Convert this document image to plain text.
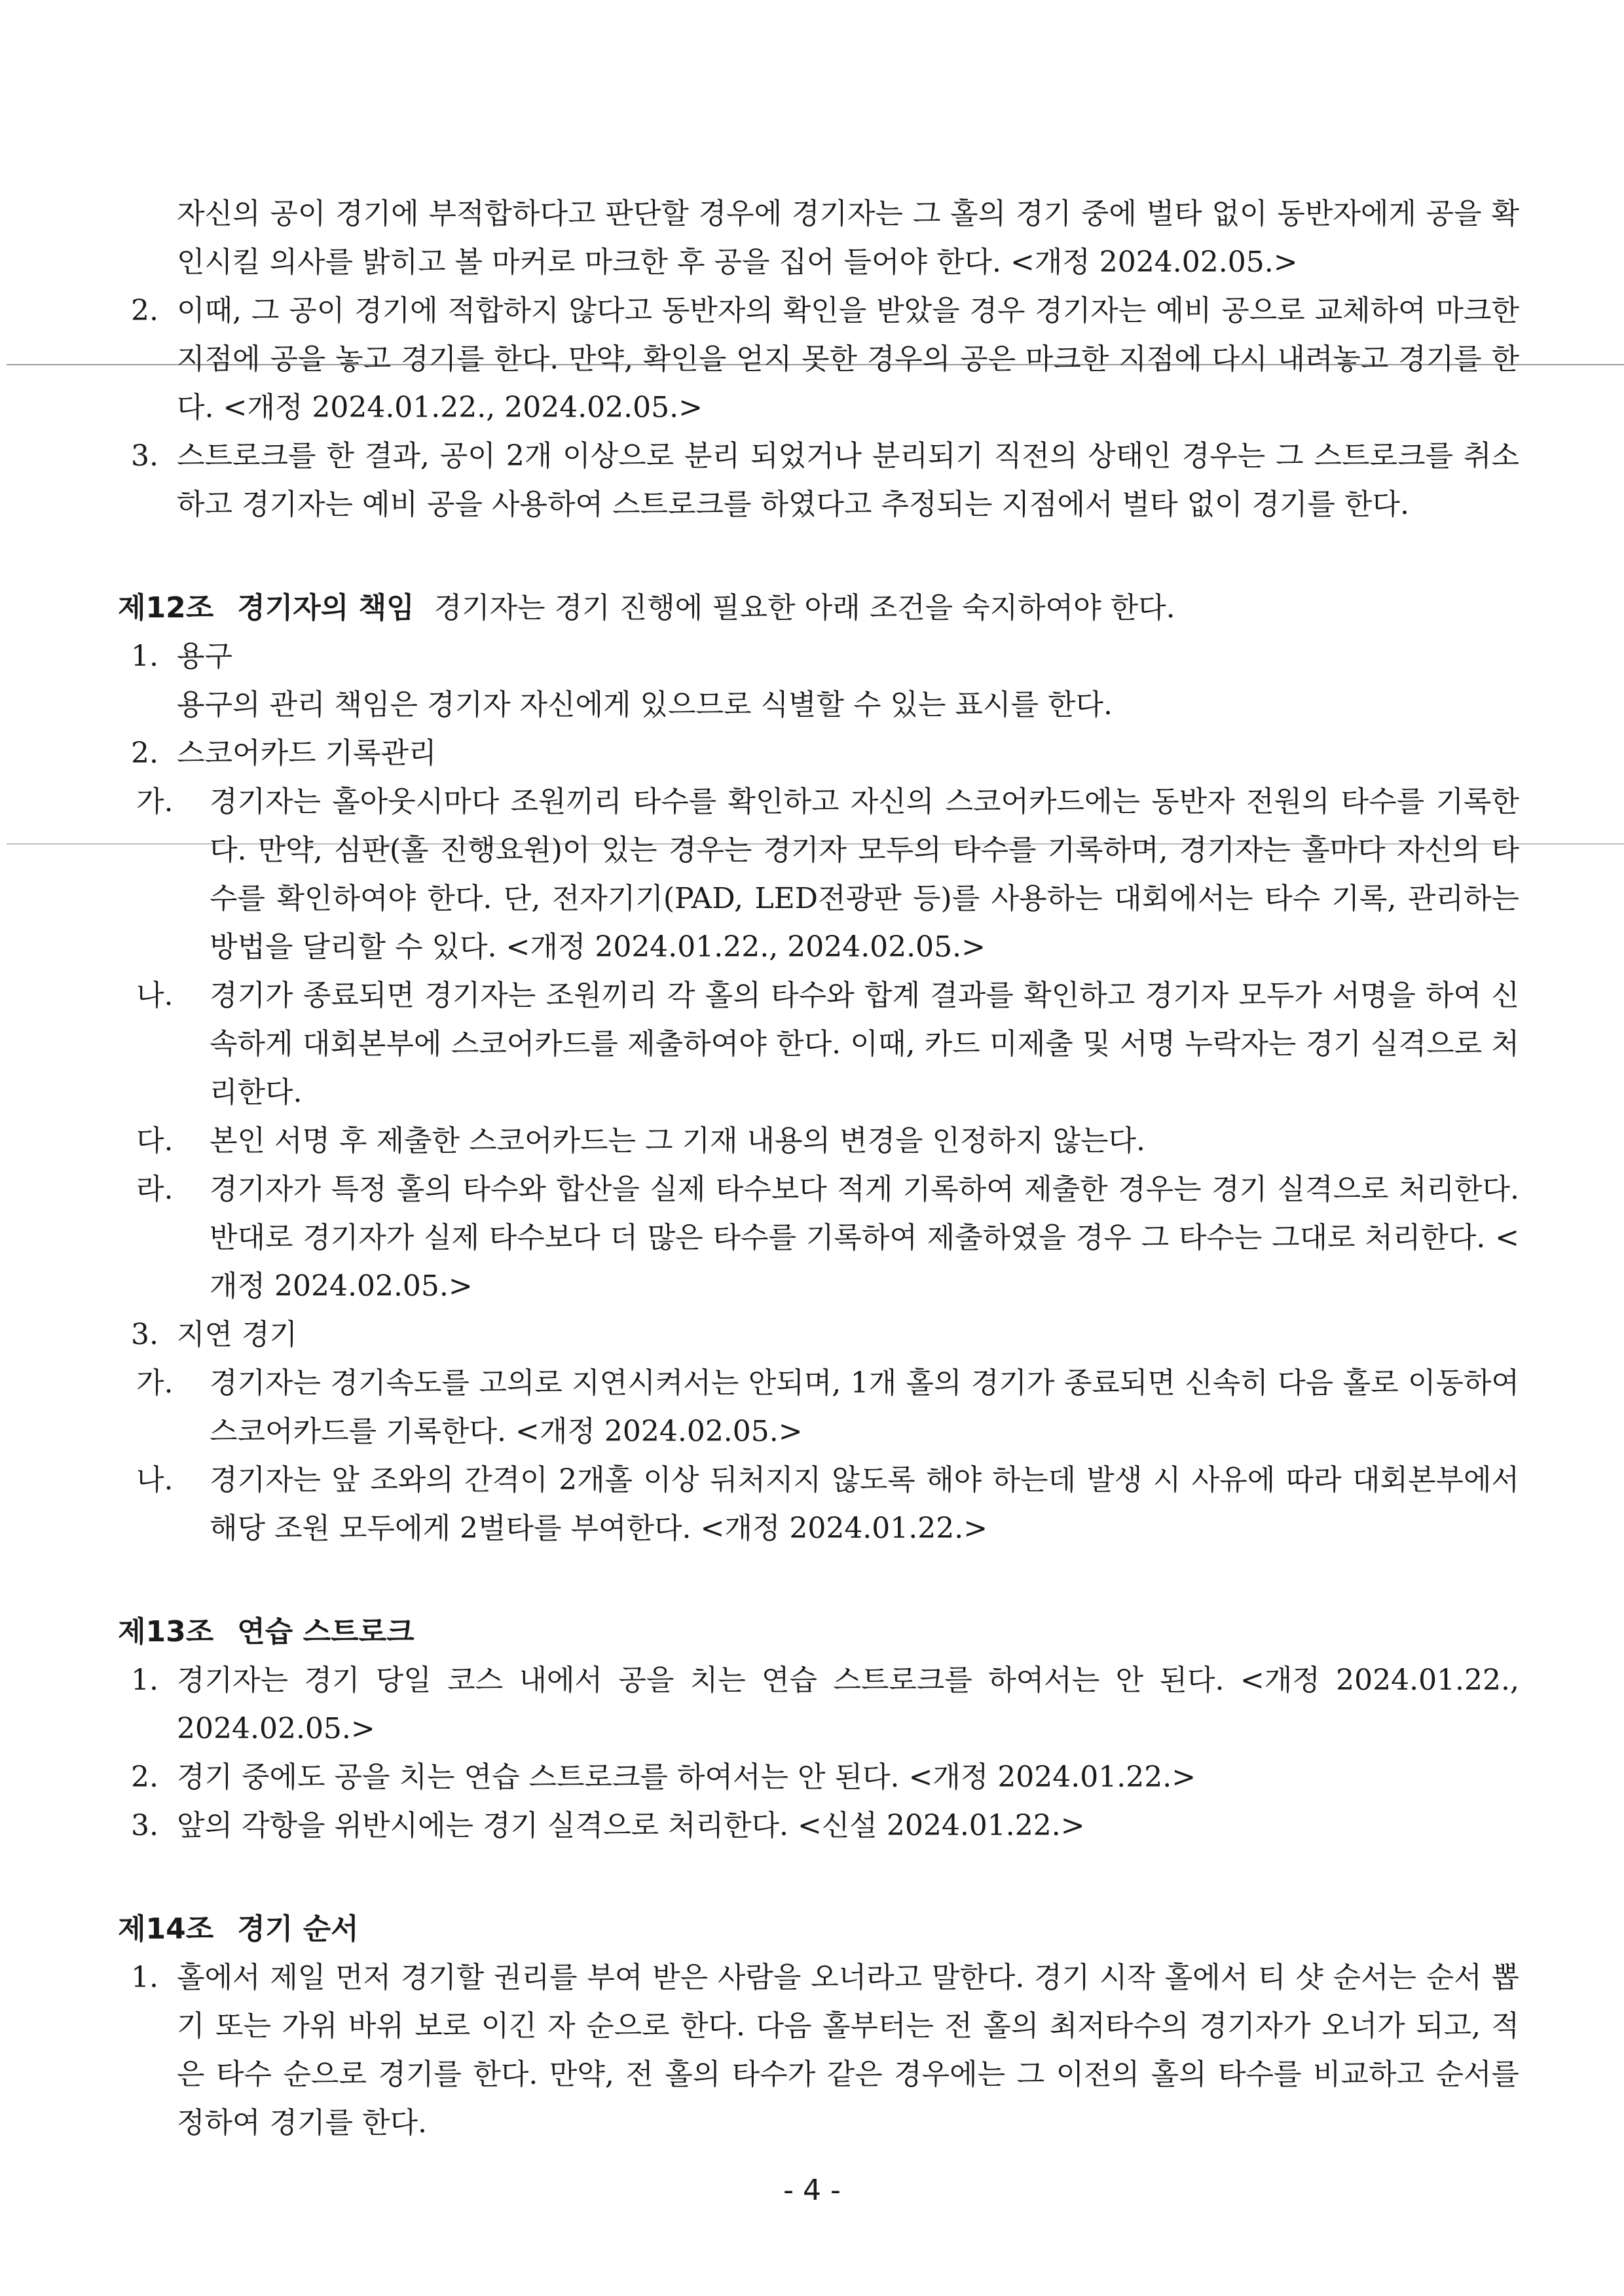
자신의 공이 경기에 부적합하다고 판단할 경우에 경기자는 그 홀의 경기 중에 벌타 없이 동반자에게 공을 확인시킬 의사를 밝히고 볼 마커로 마크한 후 공을 집어 들어야 한다. <개정 2024.02.05.>

2. 이때, 그 공이 경기에 적합하지 않다고 동반자의 확인을 받았을 경우 경기자는 예비 공으로 교체하여 마크한 지점에 공을 놓고 경기를 한다. 만약, 확인을 얻지 못한 경우의 공은 마크한 지점에 다시 내려놓고 경기를 한다. <개정 2024.01.22., 2024.02.05.>
3. 스트로크를 한 결과, 공이 2개 이상으로 분리 되었거나 분리되기 직전의 상태인 경우는 그 스트로크를 취소하고 경기자는 예비 공을 사용하여 스트로크를 하였다고 추정되는 지점에서 벌타 없이 경기를 한다.
제12조 경기자의 책임 경기자는 경기 진행에 필요한 아래 조건을 숙지하여야 한다.
1. 용구

용구의 관리 책임은 경기자 자신에게 있으므로 식별할 수 있는 표시를 한다.

2. 스코어카드 기록관리
가.	경기자는 홀아웃시마다 조원끼리 타수를 확인하고 자신의 스코어카드에는 동반자 전원의 타수를 기록한다. 만약, 심판(홀 진행요원)이 있는 경우는 경기자 모두의 타수를 기록하며, 경기자는 홀마다 자신의 타수를 확인하여야 한다. 단, 전자기기(PAD, LED전광판 등)를 사용하는 대회에서는 타수 기록, 관리하는 방법을 달리할 수 있다. <개정 2024.01.22., 2024.02.05.>
나.	경기가 종료되면 경기자는 조원끼리 각 홀의 타수와 합계 결과를 확인하고 경기자 모두가 서명을 하여 신속하게 대회본부에 스코어카드를 제출하여야 한다. 이때, 카드 미제출 및 서명 누락자는 경기 실격으로 처리한다.
다.	본인 서명 후 제출한 스코어카드는 그 기재 내용의 변경을 인정하지 않는다.
라.	경기자가 특정 홀의 타수와 합산을 실제 타수보다 적게 기록하여 제출한 경우는 경기 실격으로 처리한다. 반대로 경기자가 실제 타수보다 더 많은 타수를 기록하여 제출하였을 경우 그 타수는 그대로 처리한다. <개정 2024.02.05.>
3. 지연 경기
가.	경기자는 경기속도를 고의로 지연시켜서는 안되며, 1개 홀의 경기가 종료되면 신속히 다음 홀로 이동하여 스코어카드를 기록한다. <개정 2024.02.05.>
나.	경기자는 앞 조와의 간격이 2개홀 이상 뒤처지지 않도록 해야 하는데 발생 시 사유에 따라 대회본부에서 해당 조원 모두에게 2벌타를 부여한다. <개정 2024.01.22.>
제13조 연습 스트로크
1. 경기자는 경기 당일 코스 내에서 공을 치는 연습 스트로크를 하여서는 안 된다. <개정 2024.01.22., 2024.02.05.>
2. 경기 중에도 공을 치는 연습 스트로크를 하여서는 안 된다. <개정 2024.01.22.>
3. 앞의 각항을 위반시에는 경기 실격으로 처리한다. <신설 2024.01.22.>
제14조 경기 순서
1. 홀에서 제일 먼저 경기할 권리를 부여 받은 사람을 오너라고 말한다. 경기 시작 홀에서 티 샷 순서는 순서 뽑기 또는 가위 바위 보로 이긴 자 순으로 한다. 다음 홀부터는 전 홀의 최저타수의 경기자가 오너가 되고, 적은 타수 순으로 경기를 한다. 만약, 전 홀의 타수가 같은 경우에는 그 이전의 홀의 타수를 비교하고 순서를 정하여 경기를 한다.
- 4 -
